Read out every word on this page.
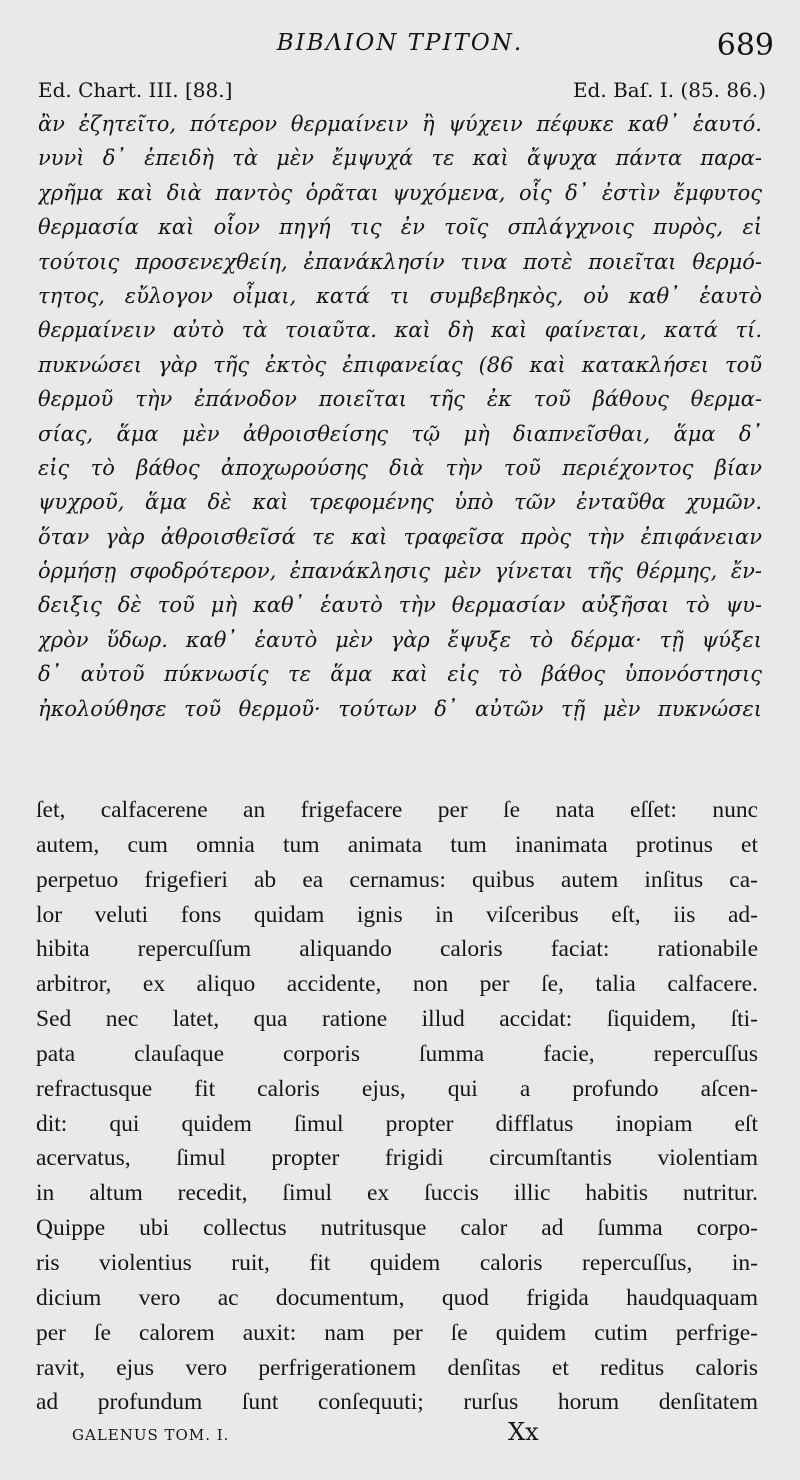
BIBΛΙΟΝ ΤΡΙΤΟΝ.	689
Ed. Chart. III. [88.]	Ed. Baſ. I. (85. 86.)
ἂν ἐζητεῖτο, πότερον θερμαίνειν ἢ ψύχειν πέφυκε καθ᾽ ἑαυτό.
νυνὶ δ᾽ ἐπειδὴ τὰ μὲν ἔμψυχά τε καὶ ἄψυχα πάντα παρα-
χρῆμα καὶ διὰ παντὸς ὁρᾶται ψυχόμενα, οἷς δ᾽ ἐστὶν ἔμφυτος
θερμασία καὶ οἷον πηγή τις ἐν τοῖς σπλάγχνοις πυρὸς, εἰ
τούτοις προσενεχθείη, ἐπανάκλησίν τινα ποτὲ ποιεῖται θερμό-
τητος, εὔλογον οἶμαι, κατά τι συμβεβηκὸς, οὐ καθ᾽ ἑαυτὸ
θερμαίνειν αὐτὸ τὰ τοιαῦτα. καὶ δὴ καὶ φαίνεται, κατά τί.
πυκνώσει γὰρ τῆς ἐκτὸς ἐπιφανείας (86 καὶ κατακλήσει τοῦ
θερμοῦ τὴν ἐπάνοδον ποιεῖται τῆς ἐκ τοῦ βάθους θερμα-
σίας, ἅμα μὲν ἀθροισθείσης τῷ μὴ διαπνεῖσθαι, ἅμα δ᾽
εἰς τὸ βάθος ἀποχωρούσης διὰ τὴν τοῦ περιέχοντος βίαν
ψυχροῦ, ἅμα δὲ καὶ τρεφομένης ὑπὸ τῶν ἐνταῦθα χυμῶν.
ὅταν γὰρ ἀθροισθεῖσά τε καὶ τραφεῖσα πρὸς τὴν ἐπιφάνειαν
ὁρμήσῃ σφοδρότερον, ἐπανάκλησις μὲν γίνεται τῆς θέρμης, ἔν-
δειξις δὲ τοῦ μὴ καθ᾽ ἑαυτὸ τὴν θερμασίαν αὐξῆσαι τὸ ψυ-
χρὸν ὕδωρ. καθ᾽ ἑαυτὸ μὲν γὰρ ἔψυξε τὸ δέρμα· τῇ ψύξει
δ᾽ αὐτοῦ πύκνωσίς τε ἅμα καὶ εἰς τὸ βάθος ὑπονόστησις
ἠκολούθησε τοῦ θερμοῦ· τούτων δ᾽ αὐτῶν τῇ μὲν πυκνώσει
ſet, calfacerene an frigefacere per ſe nata eſſet: nunc
autem, cum omnia tum animata tum inanimata protinus et
perpetuo frigefieri ab ea cernamus: quibus autem inſitus ca-
lor veluti fons quidam ignis in viſceribus eſt, iis ad-
hibita repercuſſum aliquando caloris faciat: rationabile
arbitror, ex aliquo accidente, non per ſe, talia calfacere.
Sed nec latet, qua ratione illud accidat: ſiquidem, ſti-
pata clauſaque corporis ſumma facie, repercuſſus
refractusque fit caloris ejus, qui a profundo aſcen-
dit: qui quidem ſimul propter difflatus inopiam eſt
acervatus, ſimul propter frigidi circumſtantis violentiam
in altum recedit, ſimul ex ſuccis illic habitis nutritur.
Quippe ubi collectus nutritusque calor ad ſumma corpo-
ris violentius ruit, fit quidem caloris repercuſſus, in-
dicium vero ac documentum, quod frigida haudquaquam
per ſe calorem auxit: nam per ſe quidem cutim perfrige-
ravit, ejus vero perfrigerationem denſitas et reditus caloris
ad profundum ſunt conſequuti; rurſus horum denſitatem
GALENUS TOM. I.	Xx
